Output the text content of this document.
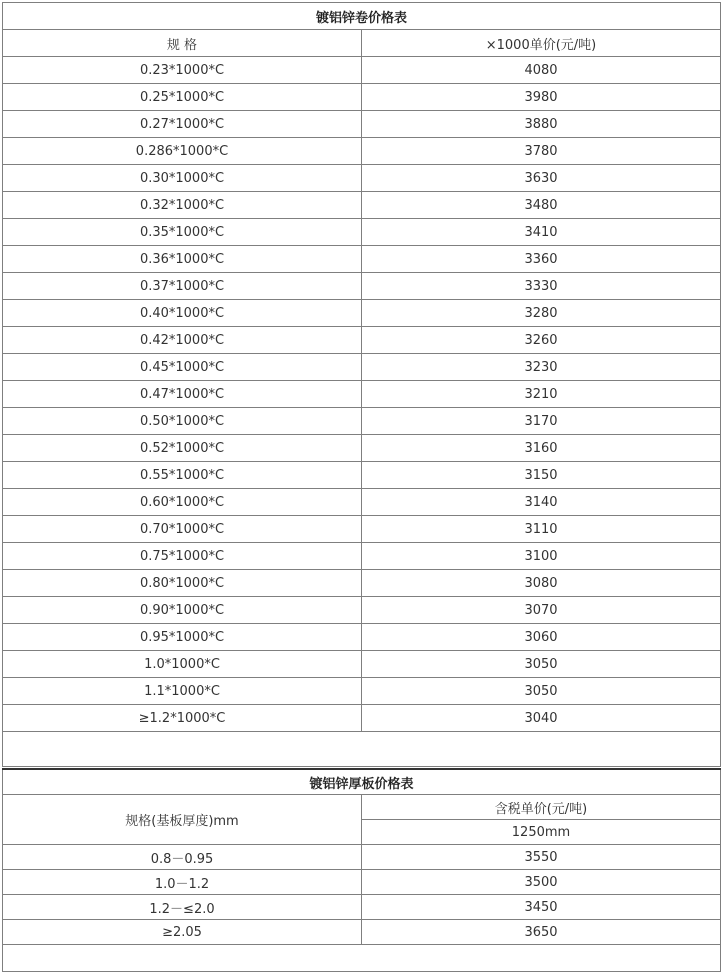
镀铝锌卷价格表	
规 格	×1000单价(元/吨)
0.23*1000*C	4080
0.25*1000*C	3980
0.27*1000*C	3880
0.286*1000*C	3780
0.30*1000*C	3630
0.32*1000*C	3480
0.35*1000*C	3410
0.36*1000*C	3360
0.37*1000*C	3330
0.40*1000*C	3280
0.42*1000*C	3260
0.45*1000*C	3230
0.47*1000*C	3210
0.50*1000*C	3170
0.52*1000*C	3160
0.55*1000*C	3150
0.60*1000*C	3140
0.70*1000*C	3110
0.75*1000*C	3100
0.80*1000*C	3080
0.90*1000*C	3070
0.95*1000*C	3060
1.0*1000*C	3050
1.1*1000*C	3050
≥1.2*1000*C	3040

镀铝锌厚板价格表	
规格(基板厚度)mm	含税单价(元/吨)
	1250mm
0.8－0.95	3550
1.0－1.2	3500
1.2－≤2.0	3450
≥2.05	3650
